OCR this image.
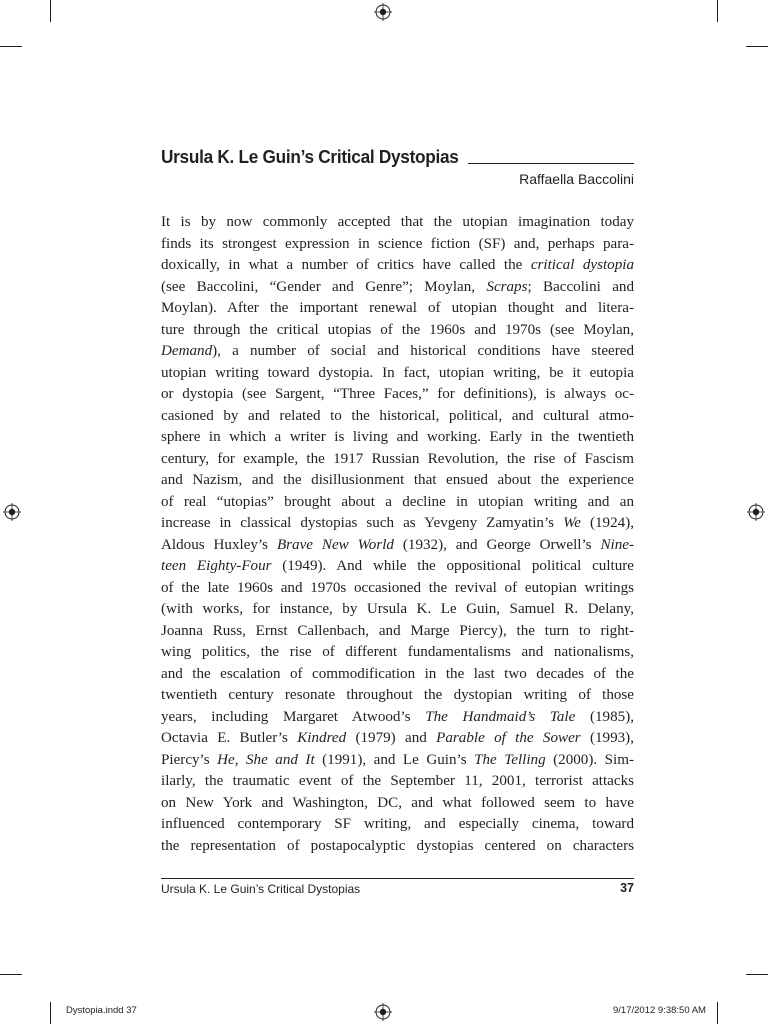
Ursula K. Le Guin’s Critical Dystopias
Raffaella Baccolini
It is by now commonly accepted that the utopian imagination today
finds its strongest expression in science fiction (SF) and, perhaps para-
doxically, in what a number of critics have called the critical dystopia
(see Baccolini, “Gender and Genre”; Moylan, Scraps; Baccolini and
Moylan). After the important renewal of utopian thought and litera-
ture through the critical utopias of the 1960s and 1970s (see Moylan,
Demand), a number of social and historical conditions have steered
utopian writing toward dystopia. In fact, utopian writing, be it eutopia
or dystopia (see Sargent, “Three Faces,” for definitions), is always oc-
casioned by and related to the historical, political, and cultural atmo-
sphere in which a writer is living and working. Early in the twentieth
century, for example, the 1917 Russian Revolution, the rise of Fascism
and Nazism, and the disillusionment that ensued about the experience
of real “utopias” brought about a decline in utopian writing and an
increase in classical dystopias such as Yevgeny Zamyatin’s We (1924),
Aldous Huxley’s Brave New World (1932), and George Orwell’s Nine-
teen Eighty-Four (1949). And while the oppositional political culture
of the late 1960s and 1970s occasioned the revival of eutopian writings
(with works, for instance, by Ursula K. Le Guin, Samuel R. Delany,
Joanna Russ, Ernst Callenbach, and Marge Piercy), the turn to right-
wing politics, the rise of different fundamentalisms and nationalisms,
and the escalation of commodification in the last two decades of the
twentieth century resonate throughout the dystopian writing of those
years, including Margaret Atwood’s The Handmaid’s Tale (1985),
Octavia E. Butler’s Kindred (1979) and Parable of the Sower (1993),
Piercy’s He, She and It (1991), and Le Guin’s The Telling (2000). Sim-
ilarly, the traumatic event of the September 11, 2001, terrorist attacks
on New York and Washington, DC, and what followed seem to have
influenced contemporary SF writing, and especially cinema, toward
the representation of postapocalyptic dystopias centered on characters
Ursula K. Le Guin’s Critical Dystopias	37
Dystopia.indd 37	9/17/2012 9:38:50 AM
